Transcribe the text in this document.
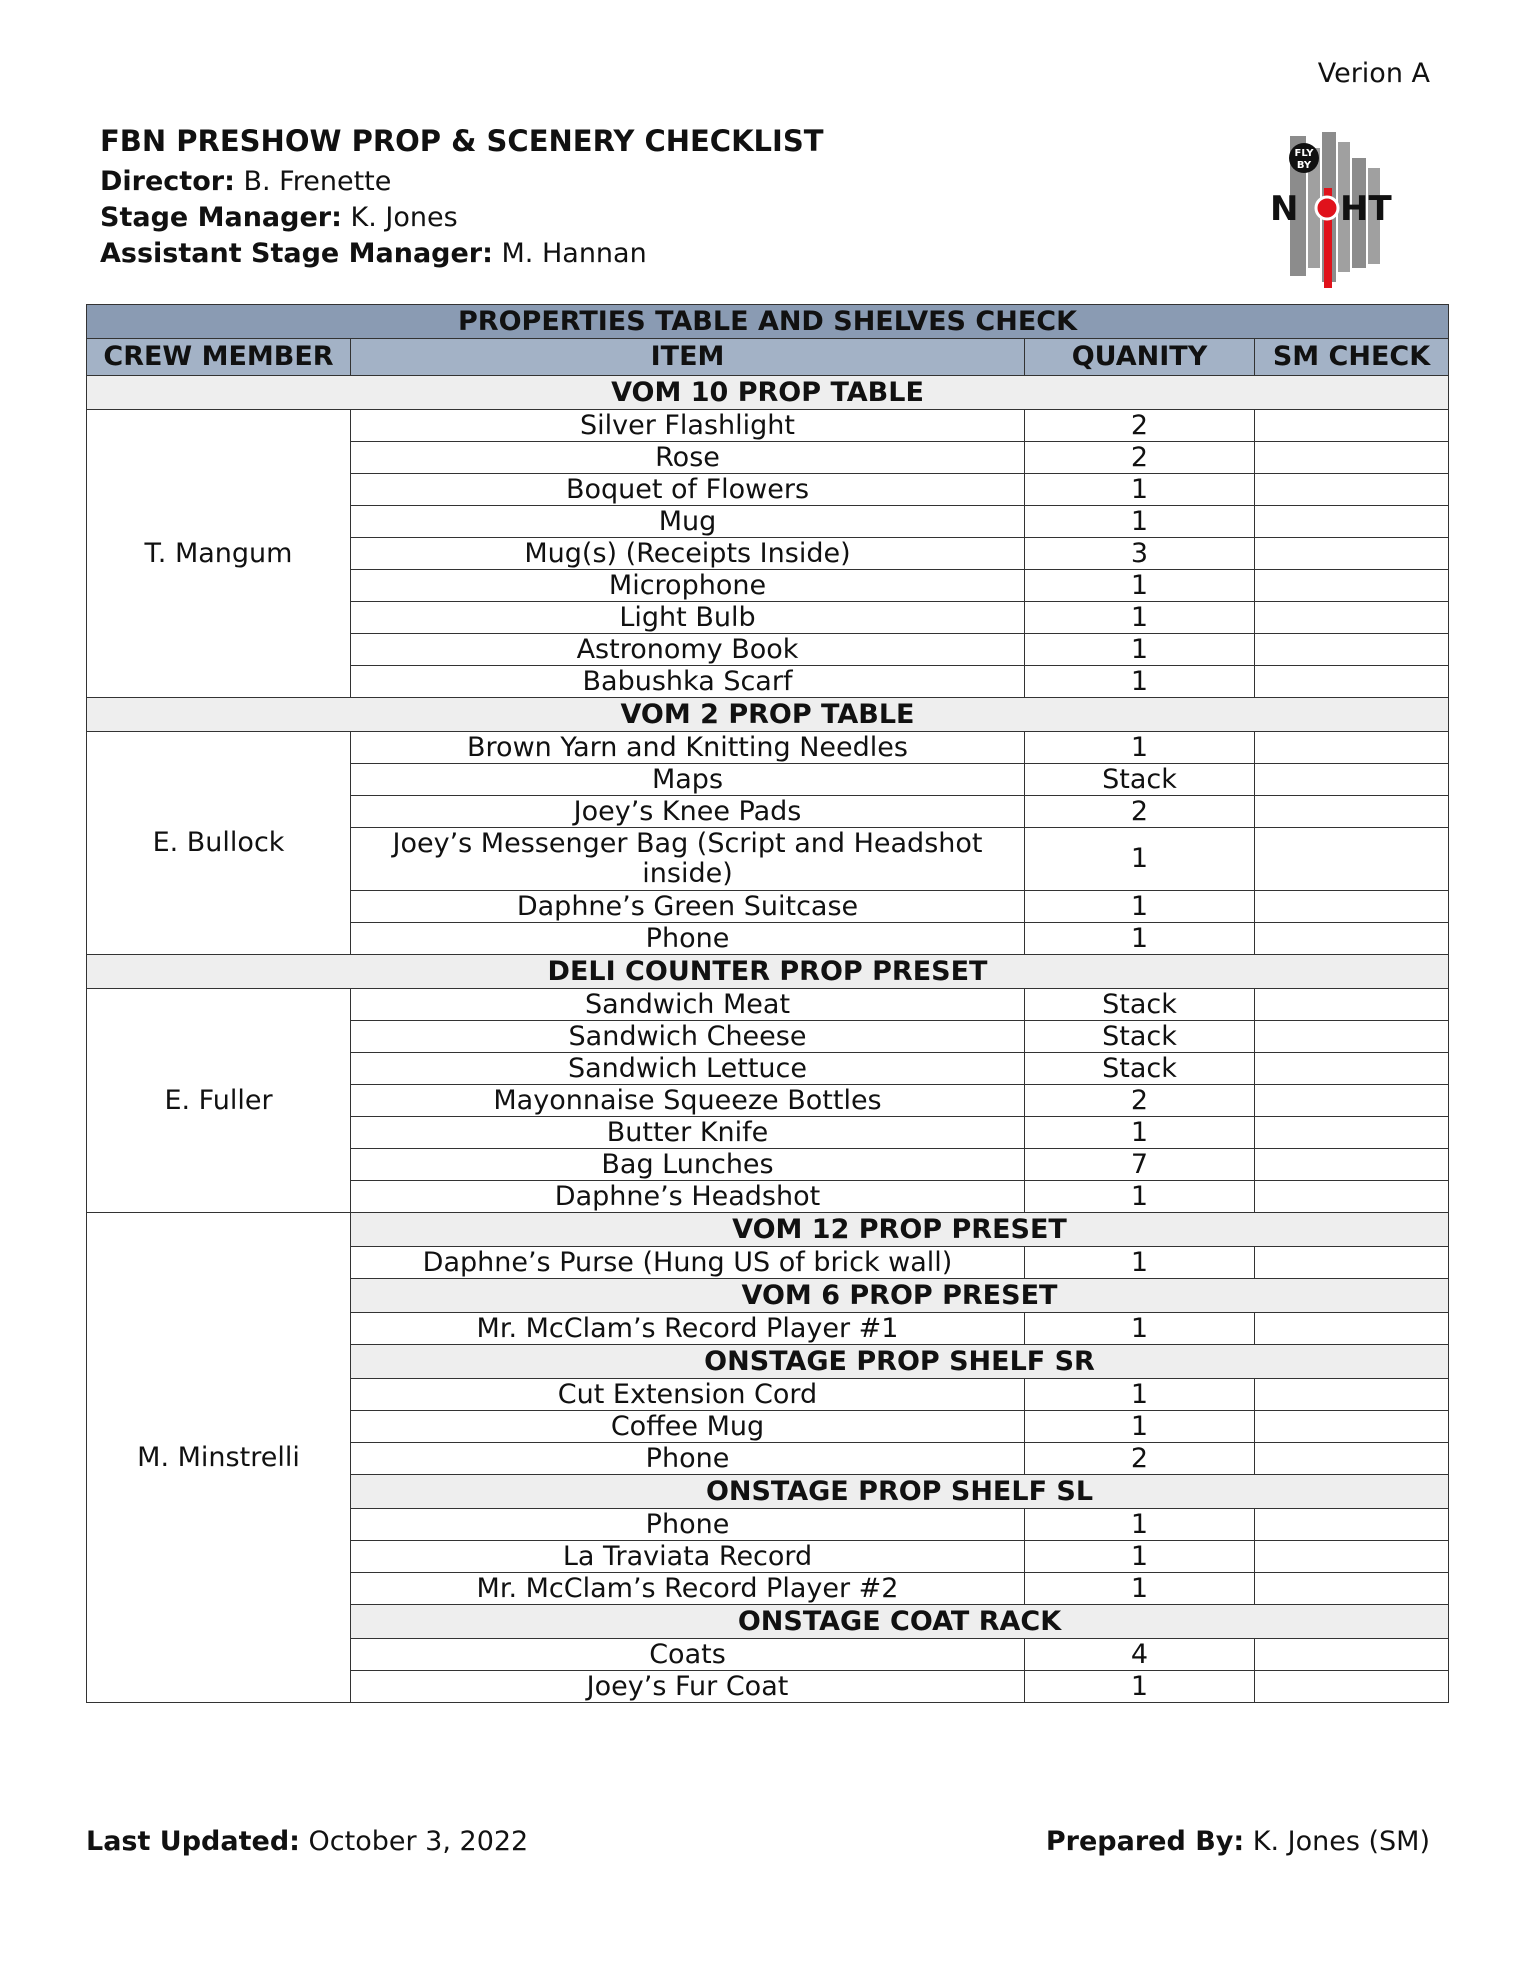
Verion A
FBN PRESHOW PROP & SCENERY CHECKLIST
Director: B. Frenette
Stage Manager: K. Jones
Assistant Stage Manager: M. Hannan
FLY
BY
N HT
PROPERTIES TABLE AND SHELVES CHECK			
CREW MEMBER	ITEM	QUANITY	SM CHECK
VOM 10 PROP TABLE			
T. Mangum	Silver Flashlight	2	
	Rose	2	
	Boquet of Flowers	1	
	Mug	1	
	Mug(s) (Receipts Inside)	3	
	Microphone	1	
	Light Bulb	1	
	Astronomy Book	1	
	Babushka Scarf	1	
VOM 2 PROP TABLE			
E. Bullock	Brown Yarn and Knitting Needles	1	
	Maps	Stack	
	Joey’s Knee Pads	2	
	Joey’s Messenger Bag (Script and Headshot inside)	1	
	Daphne’s Green Suitcase	1	
	Phone	1	
DELI COUNTER PROP PRESET			
E. Fuller	Sandwich Meat	Stack	
	Sandwich Cheese	Stack	
	Sandwich Lettuce	Stack	
	Mayonnaise Squeeze Bottles	2	
	Butter Knife	1	
	Bag Lunches	7	
	Daphne’s Headshot	1	
M. Minstrelli	VOM 12 PROP PRESET		
	Daphne’s Purse (Hung US of brick wall)	1	
	VOM 6 PROP PRESET		
	Mr. McClam’s Record Player #1	1	
	ONSTAGE PROP SHELF SR		
	Cut Extension Cord	1	
	Coffee Mug	1	
	Phone	2	
	ONSTAGE PROP SHELF SL		
	Phone	1	
	La Traviata Record	1	
	Mr. McClam’s Record Player #2	1	
	ONSTAGE COAT RACK		
	Coats	4	
	Joey’s Fur Coat	1	
Last Updated: October 3, 2022	Prepared By: K. Jones (SM)
